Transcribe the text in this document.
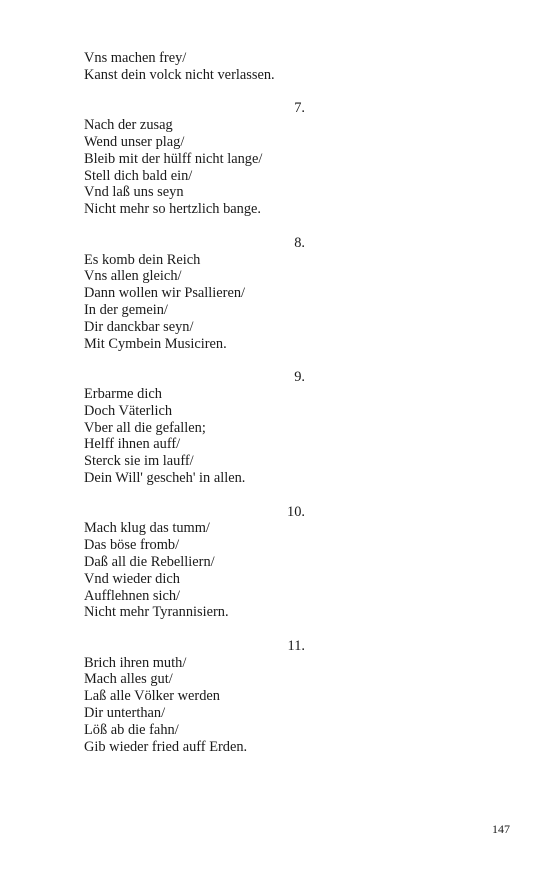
Vns machen frey/
Kanst dein volck nicht verlassen.
7.
Nach der zusag
Wend unser plag/
Bleib mit der hülff nicht lange/
Stell dich bald ein/
Vnd laß uns seyn
Nicht mehr so hertzlich bange.
8.
Es komb dein Reich
Vns allen gleich/
Dann wollen wir Psallieren/
In der gemein/
Dir danckbar seyn/
Mit Cymbein Musiciren.
9.
Erbarme dich
Doch Väterlich
Vber all die gefallen;
Helff ihnen auff/
Sterck sie im lauff/
Dein Will' gescheh' in allen.
10.
Mach klug das tumm/
Das böse fromb/
Daß all die Rebelliern/
Vnd wieder dich
Aufflehnen sich/
Nicht mehr Tyrannisiern.
11.
Brich ihren muth/
Mach alles gut/
Laß alle Völker werden
Dir unterthan/
Löß ab die fahn/
Gib wieder fried auff Erden.
147
